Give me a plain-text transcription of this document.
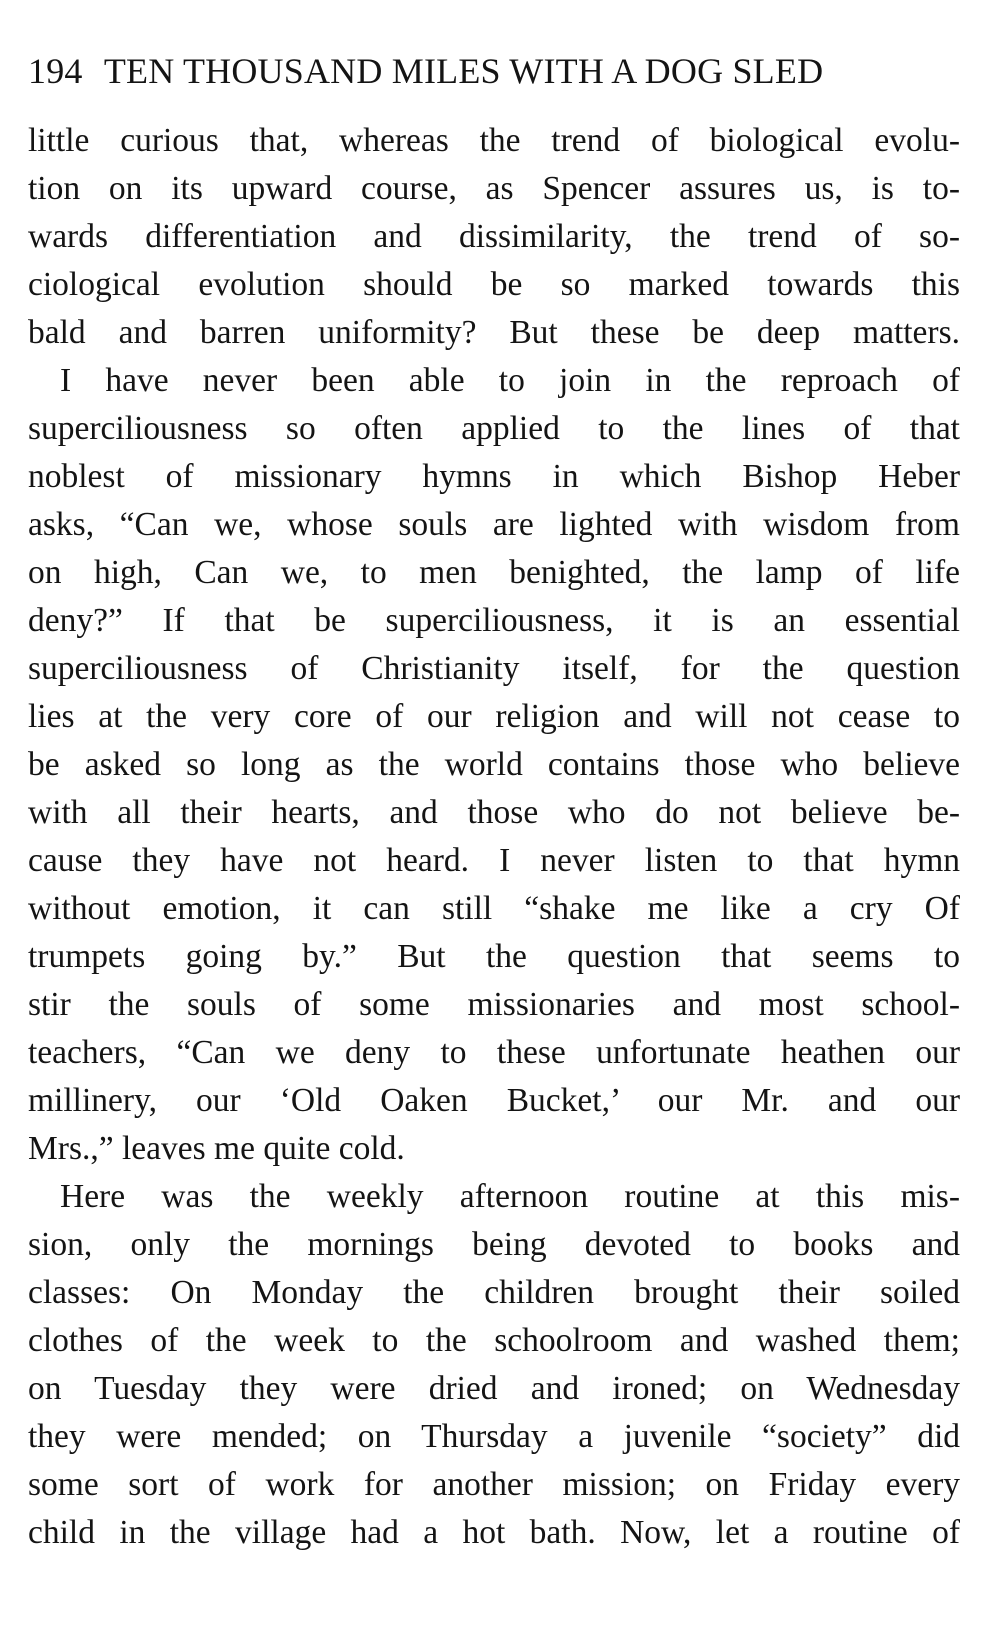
194 TEN THOUSAND MILES WITH A DOG SLED
little curious that, whereas the trend of biological evolu-
tion on its upward course, as Spencer assures us, is to-
wards differentiation and dissimilarity, the trend of so-
ciological evolution should be so marked towards this
bald and barren uniformity? But these be deep matters.
I have never been able to join in the reproach of
superciliousness so often applied to the lines of that
noblest of missionary hymns in which Bishop Heber
asks, “Can we, whose souls are lighted with wisdom from
on high, Can we, to men benighted, the lamp of life
deny?” If that be superciliousness, it is an essential
superciliousness of Christianity itself, for the question
lies at the very core of our religion and will not cease to
be asked so long as the world contains those who believe
with all their hearts, and those who do not believe be-
cause they have not heard. I never listen to that hymn
without emotion, it can still “shake me like a cry Of
trumpets going by.” But the question that seems to
stir the souls of some missionaries and most school-
teachers, “Can we deny to these unfortunate heathen our
millinery, our ‘Old Oaken Bucket,’ our Mr. and our
Mrs.,” leaves me quite cold.
Here was the weekly afternoon routine at this mis-
sion, only the mornings being devoted to books and
classes: On Monday the children brought their soiled
clothes of the week to the schoolroom and washed them;
on Tuesday they were dried and ironed; on Wednesday
they were mended; on Thursday a juvenile “society” did
some sort of work for another mission; on Friday every
child in the village had a hot bath. Now, let a routine of
